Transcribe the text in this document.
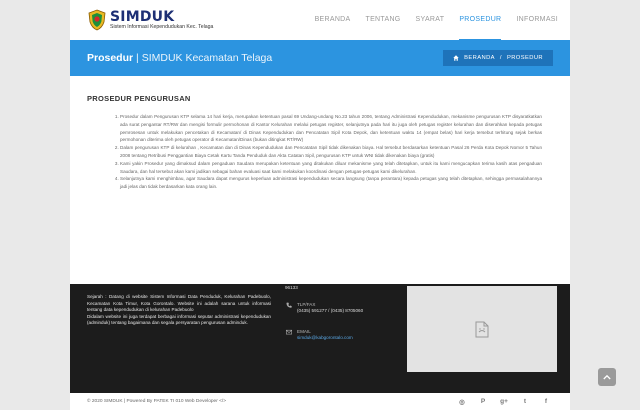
SIMDUK
Sistem Informasi Kependudukan Kec. Telaga
BERANDA TENTANG SYARAT PROSEDUR INFORMASI
Prosedur | SIMDUK Kecamatan Telaga	BERANDA / PROSEDUR
PROSEDUR PENGURUSAN
1. Prosedur dalam Pengurusan KTP selama 14 hari kerja, merupakan ketentuan pasal 69 Undang-undang No.23 tahun 2006, tentang Administrasi Kependudukan, mekanisme pengurusan KTP disyaratkatkan ada surat pengantar RT/RW dan mengisi formulir permohonan di Kantor Kelurahan melalui petugas register, selanjutnya pada hari itu juga oleh petugas register kelurahan dan diserahkan kepada petugas pemrosesan untuk melakukan pencetakan di Kecamatan/ di Dinas Kependudukan dan Pencatatan Sipil Kota Depok, dan ketentuan waktu 14 (empat belas) hari kerja tersebut terhitung sejak berkas permohonan diterima oleh petugas operator di Kecamatan/Dinas (bukan ditingkat RT/RW)
2. Dalam pengurusan KTP di kelurahan , Kecamatan dan di Dinas Kependudukan dan Pencatatan Sipil tidak dikenakan biaya. Hal tersebut berdasarkan ketentuan Pasal 26 Perda Kota Depok Nomor 5 Tahun 2008 tentang Retribusi Penggantian Biaya Cetak Kartu Tanda Penduduk dan Akta Catatan Sipil, pengurusan KTP untuk WNI tidak dikenakan biaya (gratis)
3. Kami yakin Prosedur yang dimaksud dalam pengaduan Saudara merupakan ketentuan yang ditakukan diluar mekanisme yang telah ditetapkan, untuk itu kami mengucapkan terima kasih atas pengaduan Saudara, dan hal tersebut akan kami jadikan sebagai bahan evaluasi saat kami melakukan koordinasi dengan petugas-petugas kami dikelurahan.
4. Selanjutnya kami menghimbau, agar Saudara dapat mengurus keperluan administrasi kependudukan secara langsung (tanpa perantara) kepada petugas yang telah ditetapkan, sehingga permasalahannya jadi jelas dan tidak berdasarkan kata orang lain.
Sejarah : Datang di website Sistem Informasi Data Penduduk, Kelurahan Padebuolo, Kecamatan Kota Timur, Kota Gorontalo. Website ini adalah sarana untuk informasi tentang data kependudukan di kelurahan Padebuolo
Didalam website ini juga terdapat berbagai informasi seputar administrasi kependudukan (adminduk) tentang bagaimana dan segala persyaratan pengurusan adminduk.
96133
TLP/FAX
(0435) 591277 / (0435) 8705060
EMAIL
simduk@kabgorontalo.com
© 2020 SIMDUK | Powered By PATEK TI 010 Web Developer </>	◎ P g+	t	f
